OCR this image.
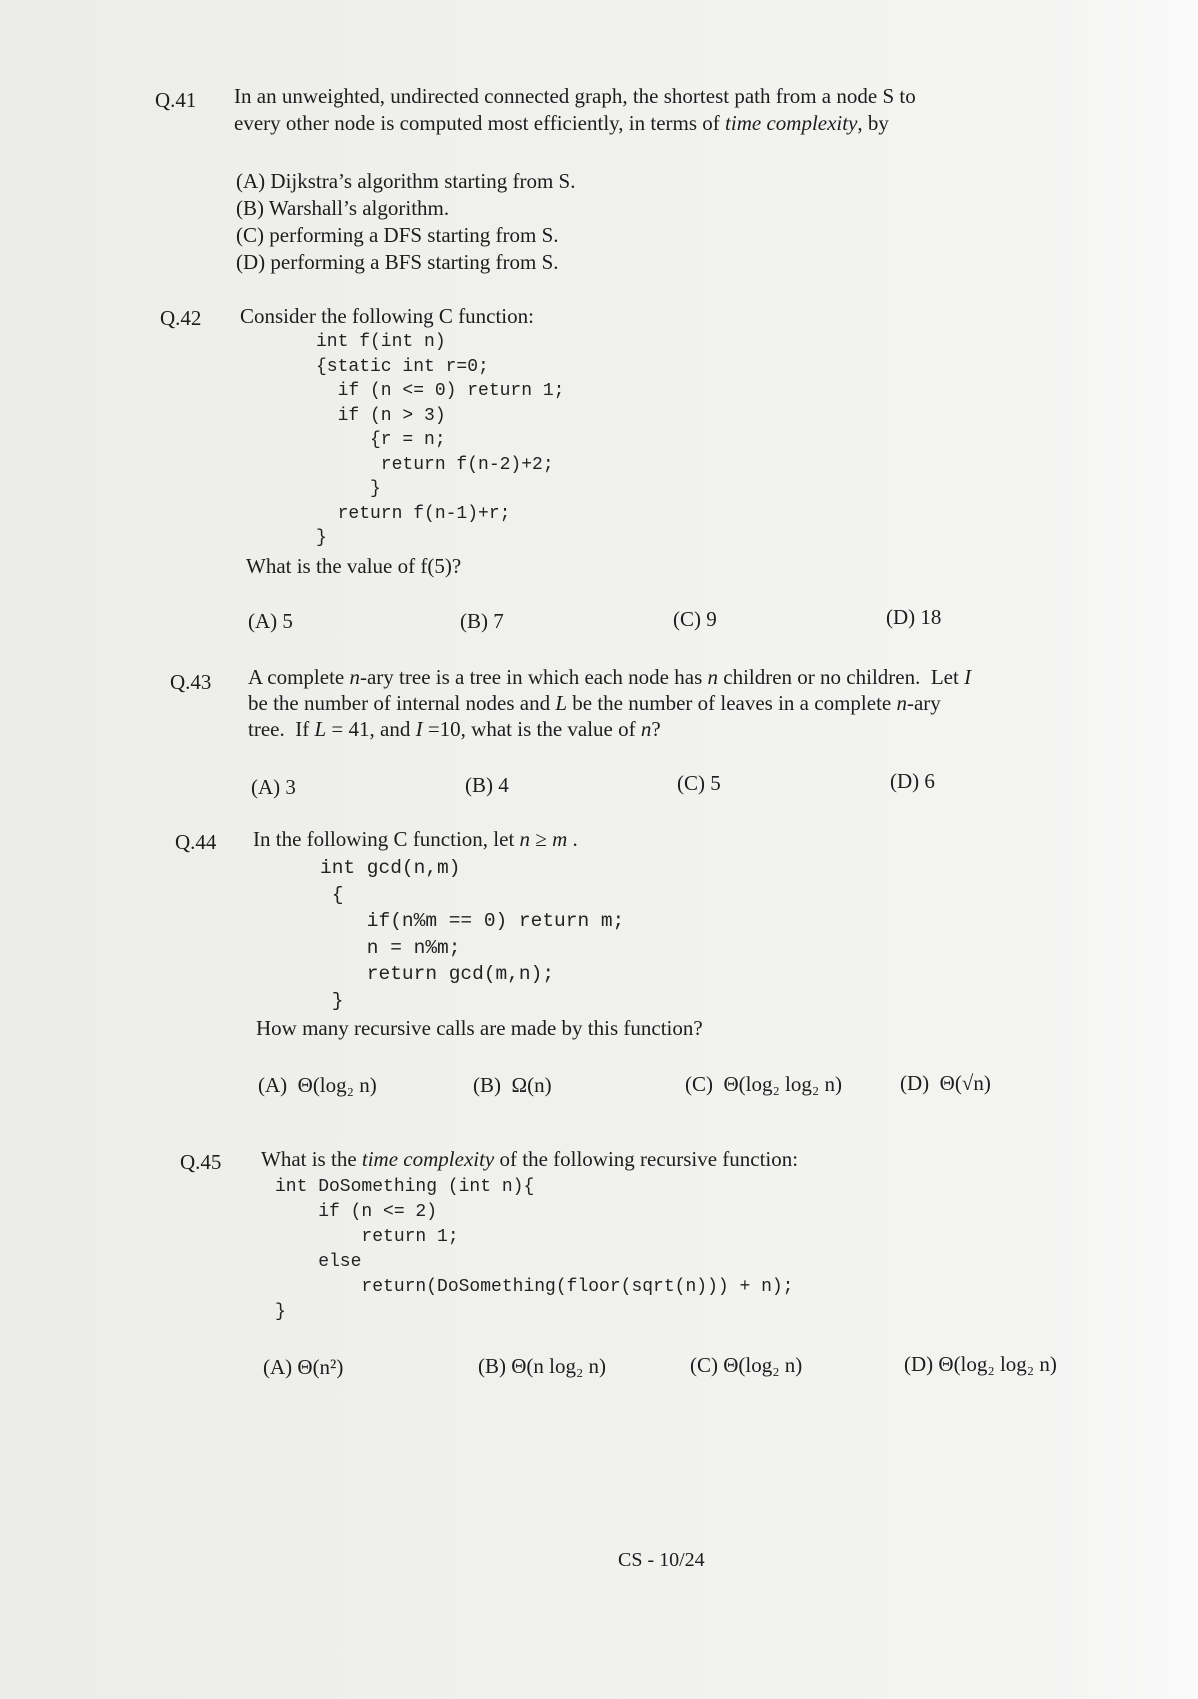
Q.41 In an unweighted, undirected connected graph, the shortest path from a node S to
every other node is computed most efficiently, in terms of time complexity, by
(A) Dijkstra’s algorithm starting from S.
(B) Warshall’s algorithm.
(C) performing a DFS starting from S.
(D) performing a BFS starting from S.
Q.42 Consider the following C function:
int f(int n)
{static int r=0;
if (n <= 0) return 1;
if (n > 3)
{r = n;
return f(n-2)+2;
}
return f(n-1)+r;
}
What is the value of f(5)?
(A) 5	(B) 7	(C) 9	(D) 18
Q.43 A complete n-ary tree is a tree in which each node has n children or no children.  Let I
be the number of internal nodes and L be the number of leaves in a complete n-ary
tree.  If L = 41, and I =10, what is the value of n?
(A) 3	(B) 4	(C) 5	(D) 6
Q.44 In the following C function, let n ≥ m .
int gcd(n,m)
{
if(n%m == 0) return m;
n = n%m;
return gcd(m,n);
}
How many recursive calls are made by this function?
(A)  Θ(log₂ n)	(B)  Ω(n)	(C)  Θ(log₂ log₂ n)	(D)  Θ(√n)
Q.45 What is the time complexity of the following recursive function:
int DoSomething (int n){
if (n <= 2)
return 1;
else
return(DoSomething(floor(sqrt(n))) + n);
}
(A) Θ(n²)	(B) Θ(n log₂ n)	(C) Θ(log₂ n)	(D) Θ(log₂ log₂ n)
CS - 10/24
